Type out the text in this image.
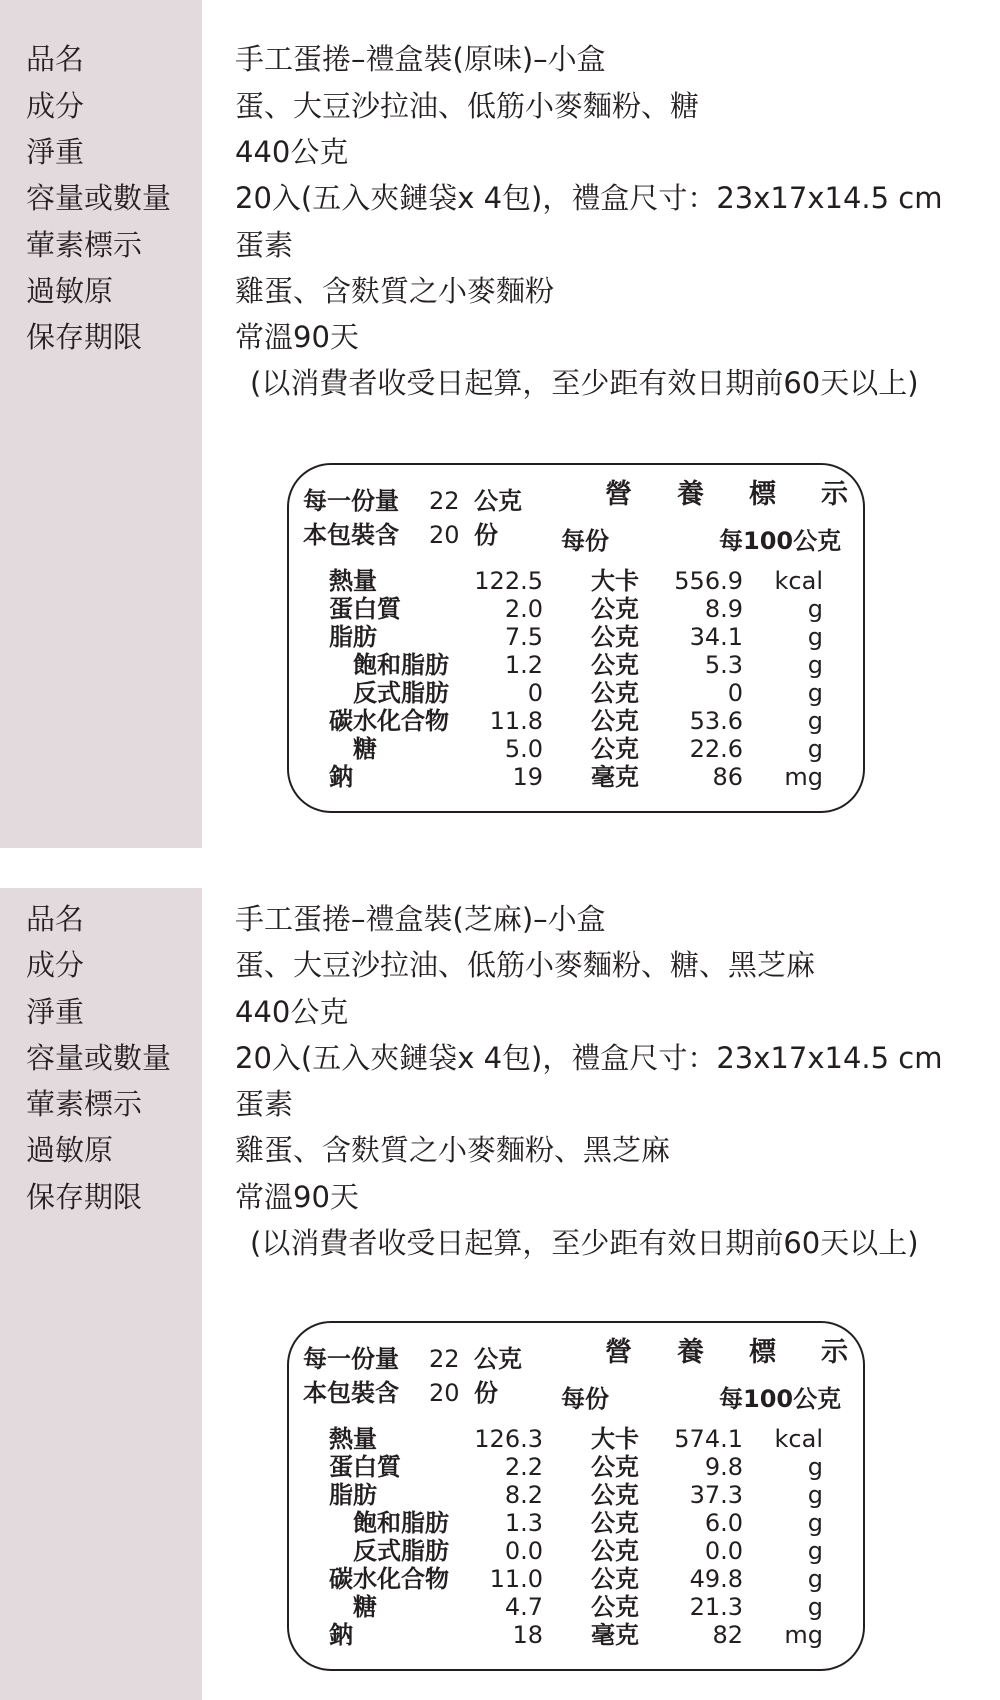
品名	手工蛋捲–禮盒裝(原味)–小盒
成分	蛋、大豆沙拉油、低筋小麥麵粉、糖
淨重	440公克
容量或數量 20入(五入夾鏈袋x 4包)，禮盒尺寸：23x17x14.5 cm
葷素標示	蛋素
過敏原	雞蛋、含麩質之小麥麵粉
保存期限	常溫90天
(以消費者收受日起算，至少距有效日期前60天以上)
每一份量 22 公克
本包裝含 20 份
營 養 標 示
每份	每100公克
熱量	122.5 大卡 556.9 kcal
蛋白質	2.0 公克	8.9	g
脂肪	7.5 公克 34.1	g
飽和脂肪 1.2 公克	5.3	g
反式脂肪	0 公克	0	g
碳水化合物 11.8 公克 53.6	g
糖	5.0 公克 22.6	g
鈉	19 毫克	86 mg
品名	手工蛋捲–禮盒裝(芝麻)–小盒
成分	蛋、大豆沙拉油、低筋小麥麵粉、糖、黑芝麻
淨重	440公克
容量或數量 20入(五入夾鏈袋x 4包)，禮盒尺寸：23x17x14.5 cm
葷素標示	蛋素
過敏原	雞蛋、含麩質之小麥麵粉、黑芝麻
保存期限	常溫90天
(以消費者收受日起算，至少距有效日期前60天以上)
每一份量 22 公克
本包裝含 20 份
營 養 標 示
每份	每100公克
熱量	126.3 大卡 574.1 kcal
蛋白質	2.2 公克	9.8	g
脂肪	8.2 公克 37.3	g
飽和脂肪 1.3 公克	6.0	g
反式脂肪 0.0 公克	0.0	g
碳水化合物 11.0 公克 49.8	g
糖	4.7 公克 21.3	g
鈉	18 毫克	82 mg
